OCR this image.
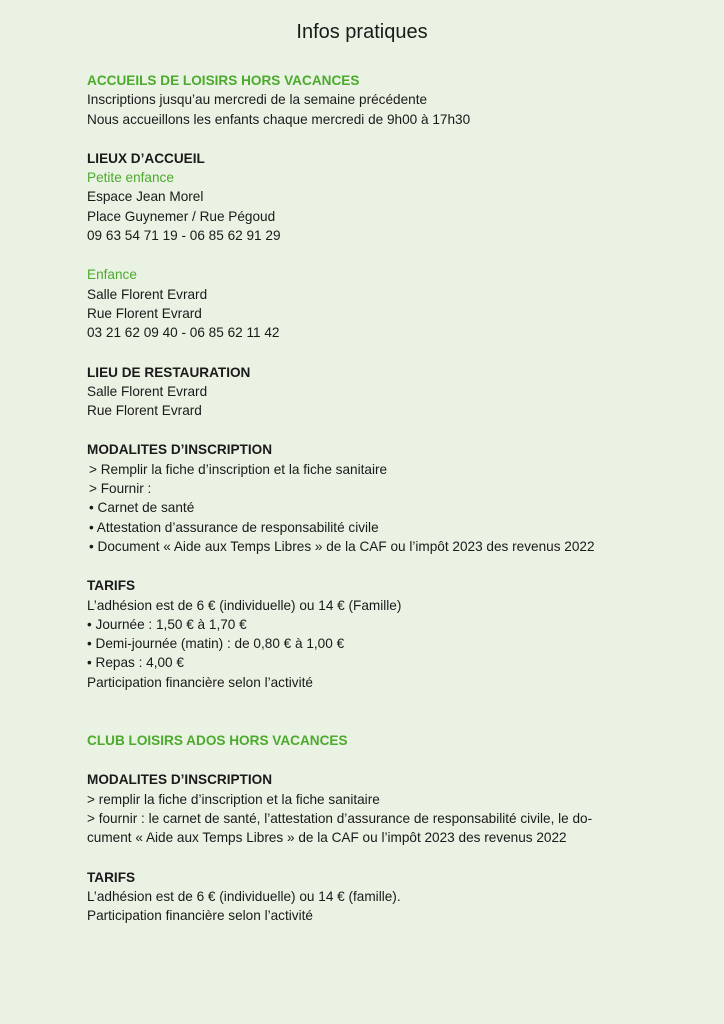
Infos pratiques
ACCUEILS DE LOISIRS HORS VACANCES
Inscriptions jusqu’au mercredi de la semaine précédente
Nous accueillons les enfants chaque mercredi de 9h00 à 17h30
LIEUX D’ACCUEIL
Petite enfance
Espace Jean Morel
Place Guynemer / Rue Pégoud
09 63 54 71 19 - 06 85 62 91 29
Enfance
Salle Florent Evrard
Rue Florent Evrard
03 21 62 09 40 - 06 85 62 11 42
LIEU DE RESTAURATION
Salle Florent Evrard
Rue Florent Evrard
MODALITES D’INSCRIPTION
> Remplir la fiche d’inscription et la fiche sanitaire
> Fournir :
• Carnet de santé
• Attestation d’assurance de responsabilité civile
• Document « Aide aux Temps Libres » de la CAF ou l’impôt 2023 des revenus 2022
TARIFS
L’adhésion est de 6 € (individuelle) ou 14 € (Famille)
• Journée : 1,50 € à 1,70 €
• Demi-journée (matin) : de 0,80 € à 1,00 €
• Repas : 4,00 €
Participation financière selon l’activité
CLUB LOISIRS ADOS HORS VACANCES
MODALITES D’INSCRIPTION
> remplir la fiche d’inscription et la fiche sanitaire
> fournir : le carnet de santé, l’attestation d’assurance de responsabilité civile, le do-
cument « Aide aux Temps Libres » de la CAF ou l’impôt 2023 des revenus 2022
TARIFS
L’adhésion est de 6 € (individuelle) ou 14 € (famille).
Participation financière selon l’activité
